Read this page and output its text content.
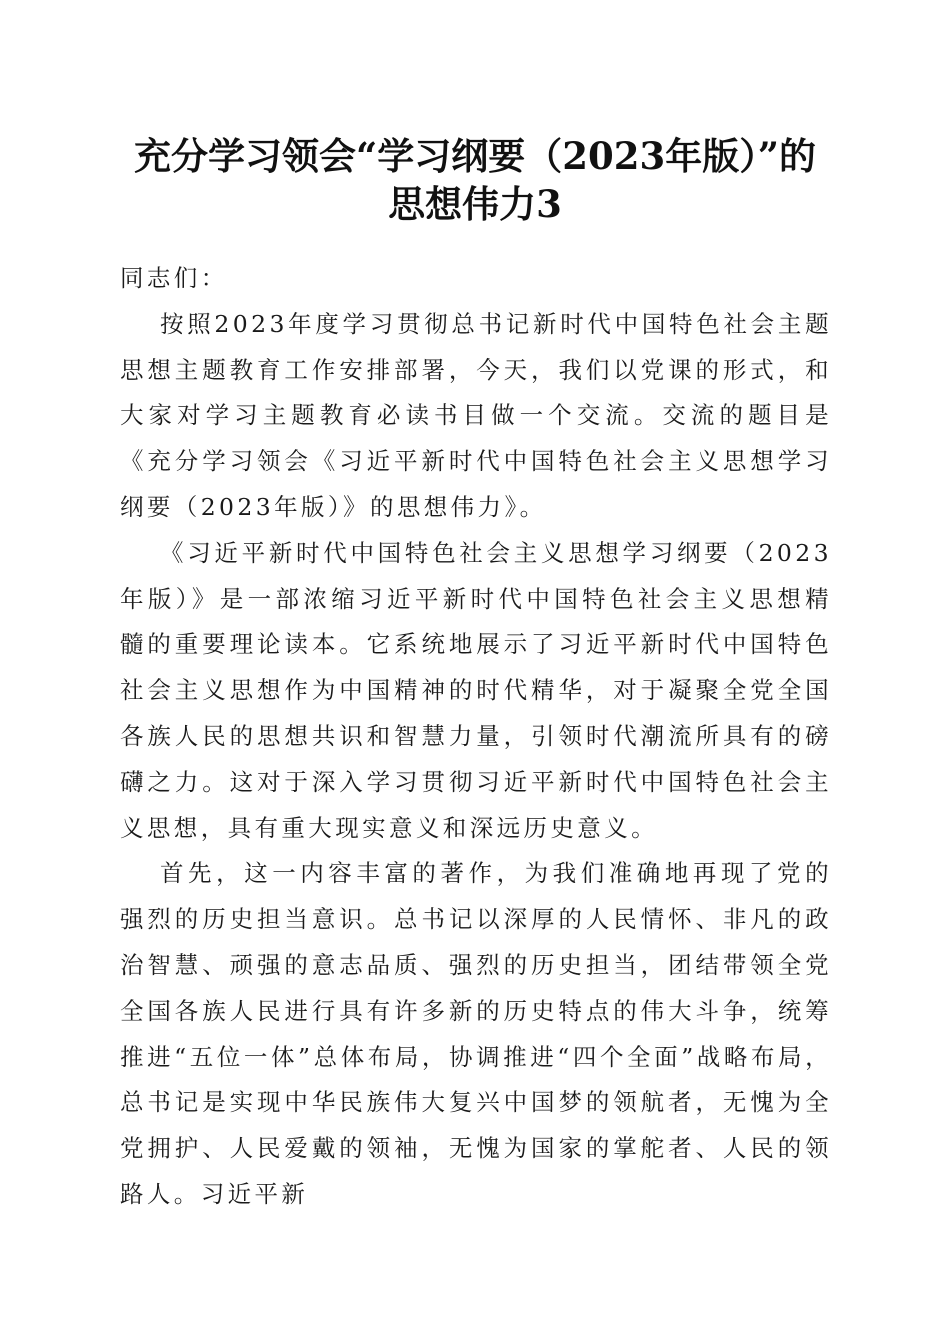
充分学习领会“学习纲要（2023年版）”的
思想伟力3

同志们：

按照2023年度学习贯彻总书记新时代中国特色社会主题思想主题教育工作安排部署，今天，我们以党课的形式，和大家对学习主题教育必读书目做一个交流。交流的题目是《充分学习领会《习近平新时代中国特色社会主义思想学习纲要（2023年版）》的思想伟力》。

《习近平新时代中国特色社会主义思想学习纲要（2023年版）》是一部浓缩习近平新时代中国特色社会主义思想精髓的重要理论读本。它系统地展示了习近平新时代中国特色社会主义思想作为中国精神的时代精华，对于凝聚全党全国各族人民的思想共识和智慧力量，引领时代潮流所具有的磅礴之力。这对于深入学习贯彻习近平新时代中国特色社会主义思想，具有重大现实意义和深远历史意义。

首先，这一内容丰富的著作，为我们准确地再现了党的强烈的历史担当意识。总书记以深厚的人民情怀、非凡的政治智慧、顽强的意志品质、强烈的历史担当，团结带领全党全国各族人民进行具有许多新的历史特点的伟大斗争，统筹推进“五位一体”总体布局，协调推进“四个全面”战略布局，总书记是实现中华民族伟大复兴中国梦的领航者，无愧为全党拥护、人民爱戴的领袖，无愧为国家的掌舵者、人民的领路人。习近平新
